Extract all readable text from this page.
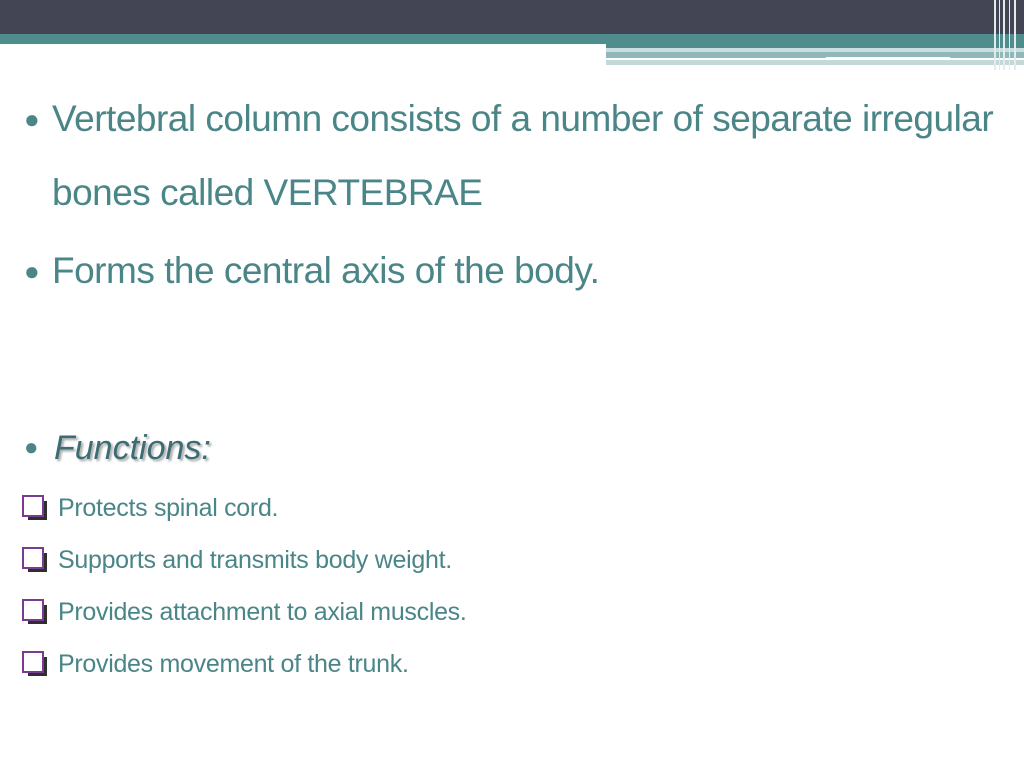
● Vertebral column consists of a number of separate irregular bones called VERTEBRAE
● Forms the central axis of the body.
● Functions:
Protects spinal cord.
Supports and transmits body weight.
Provides attachment to axial muscles.
Provides movement of the trunk.
